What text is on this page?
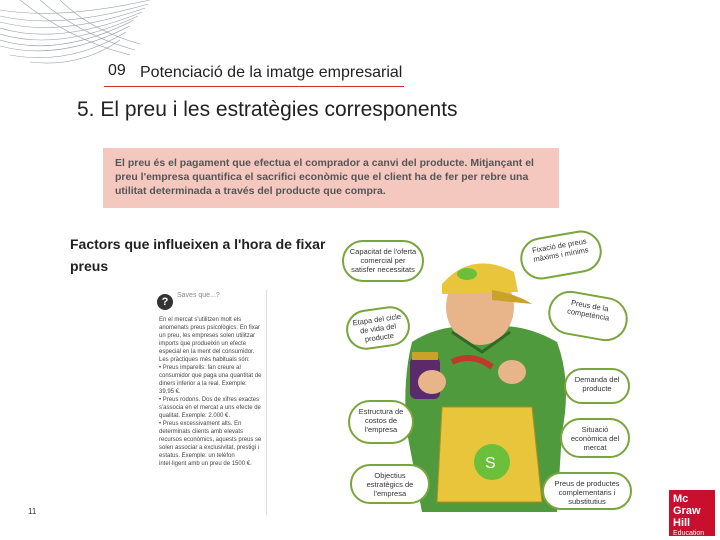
09 Potenciació de la imatge empresarial
5. El preu i les estratègies corresponents
El preu és el pagament que efectua el comprador a canvi del producte. Mitjançant el preu l'empresa quantifica el sacrifici econòmic que el client ha de fer per rebre una utilitat determinada a través del producte que compra.
Factors que influeixen a l'hora de fixar preus
?
Saves que...?
En el mercat s'utilitzen molt els anomenats preus psicològics. En fixar un preu, les empreses solen utilitzar imports que produeixin un efecte especial en la ment del consumidor.
Les pràctiques més habituals són:
• Preus imparells: fan creure al consumidor que paga una quantitat de diners inferior a la real. Exemple: 39,95 €.
• Preus rodons. Dos de xifres exactes s'associa en el mercat a uns efecte de qualitat. Exemple: 2.000 €.
• Preus excessivament alts. En determinats clients amb elevats recursos econòmics, aquests preus se solen associar a exclusivitat, prestigi i estatus. Exemple: un telèfon intel·ligent amb un preu de 1500 €.
11
S
Capacitat de l'oferta comercial per satisfer necessitats
Fixació de preus màxims i mínims
Preus de la competència
Etapa del cicle de vida del producte
Demanda del producte
Estructura de costos de l'empresa	Situació econòmica del mercat
Objectius estratègics de l'empresa
Preus de productes complementaris i substitutius	Mc
Graw
Hill
Education
